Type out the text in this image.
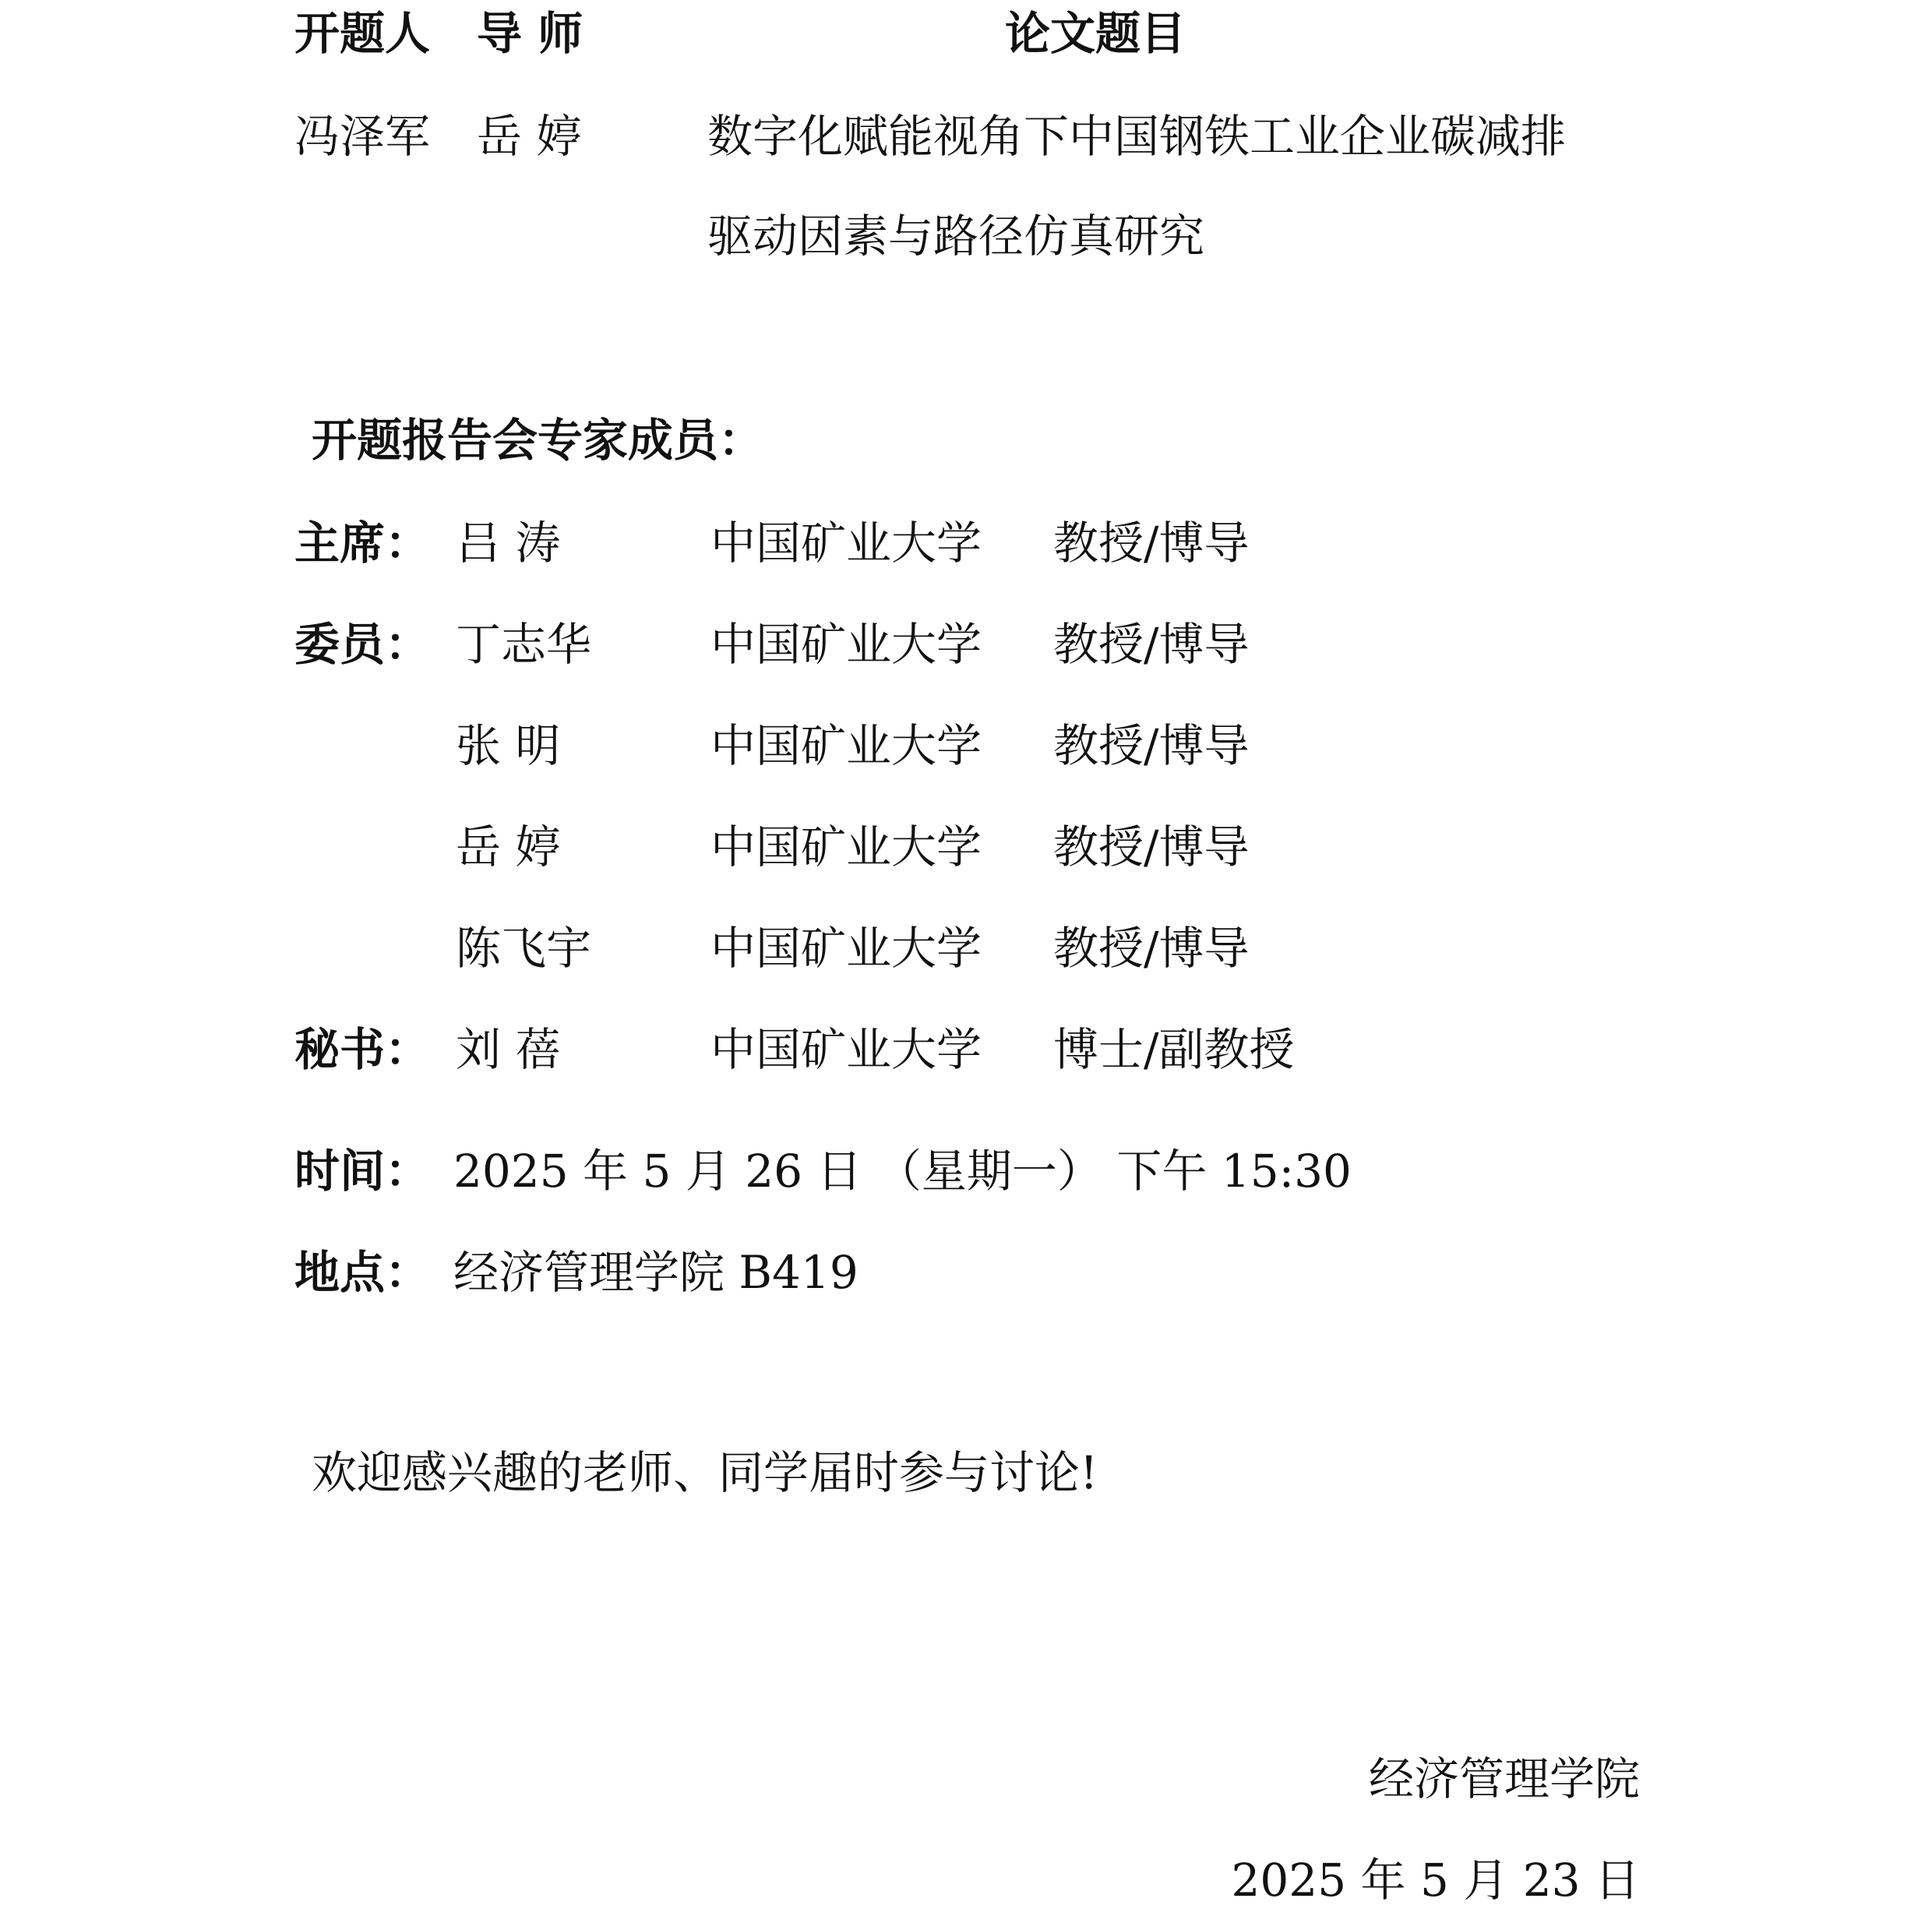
开题人 导 师	论文题目
冯泽军 岳 婷	数字化赋能视角下中国钢铁工业企业碳减排
驱动因素与路径仿真研究
开题报告会专家成员：
主席： 吕 涛	中国矿业大学 教授/博导
委员： 丁志华	中国矿业大学 教授/博导
张 明	中国矿业大学 教授/博导
岳 婷	中国矿业大学 教授/博导
陈飞宇	中国矿业大学 教授/博导
秘书： 刘 蓓	中国矿业大学 博士/副教授
时间： 2025 年 5 月 26 日 （星期一） 下午 15:30
地点： 经济管理学院 B419
欢迎感兴趣的老师、同学届时参与讨论!
经济管理学院
2025 年 5 月 23 日
